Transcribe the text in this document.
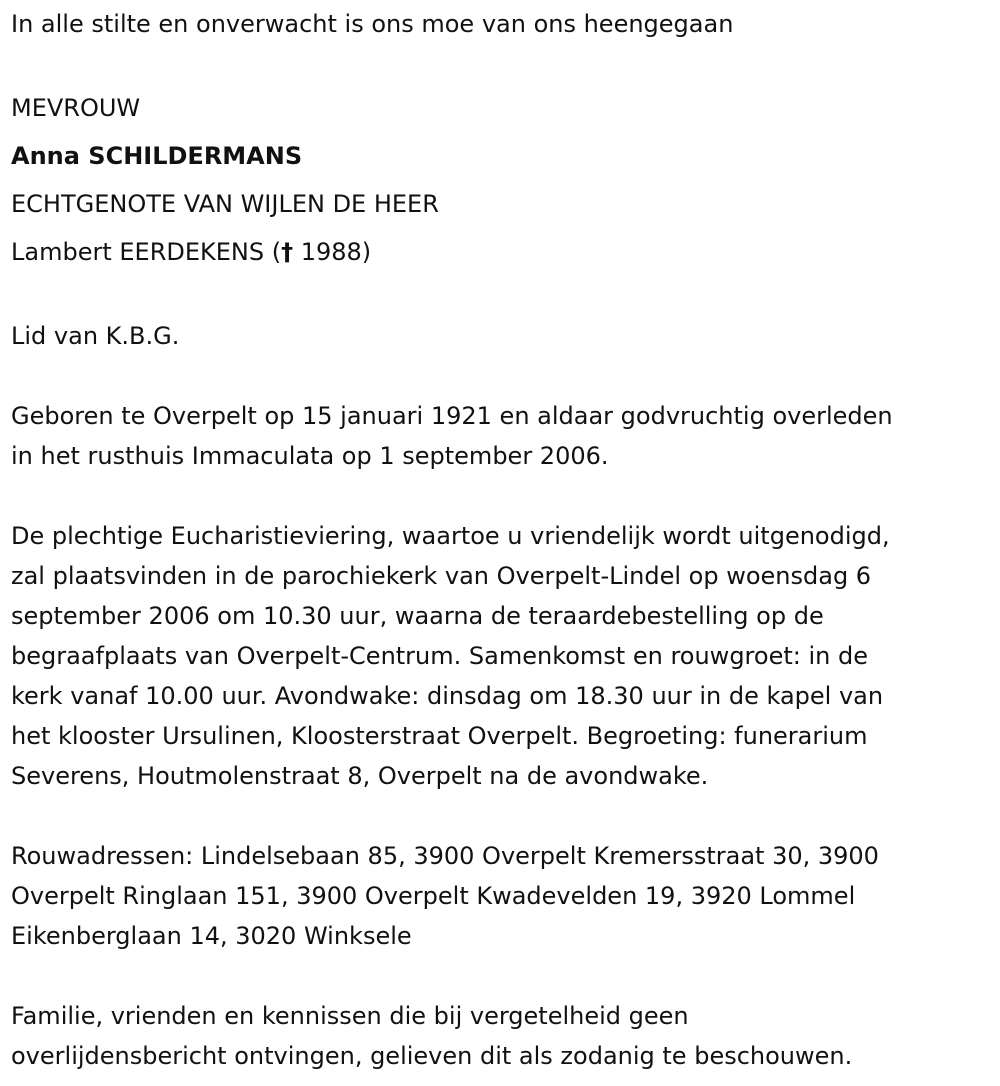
In alle stilte en onverwacht is ons moe van ons heengegaan
MEVROUW
Anna SCHILDERMANS
ECHTGENOTE VAN WIJLEN DE HEER
Lambert EERDEKENS († 1988)
Lid van K.B.G.
Geboren te Overpelt op 15 januari 1921 en aldaar godvruchtig overleden
in het rusthuis Immaculata op 1 september 2006.
De plechtige Eucharistieviering, waartoe u vriendelijk wordt uitgenodigd,
zal plaatsvinden in de parochiekerk van Overpelt-Lindel op woensdag 6
september 2006 om 10.30 uur, waarna de teraardebestelling op de
begraafplaats van Overpelt-Centrum. Samenkomst en rouwgroet: in de
kerk vanaf 10.00 uur. Avondwake: dinsdag om 18.30 uur in de kapel van
het klooster Ursulinen, Kloosterstraat Overpelt. Begroeting: funerarium
Severens, Houtmolenstraat 8, Overpelt na de avondwake.
Rouwadressen: Lindelsebaan 85, 3900 Overpelt Kremersstraat 30, 3900
Overpelt Ringlaan 151, 3900 Overpelt Kwadevelden 19, 3920 Lommel
Eikenberglaan 14, 3020 Winksele
Familie, vrienden en kennissen die bij vergetelheid geen
overlijdensbericht ontvingen, gelieven dit als zodanig te beschouwen.
